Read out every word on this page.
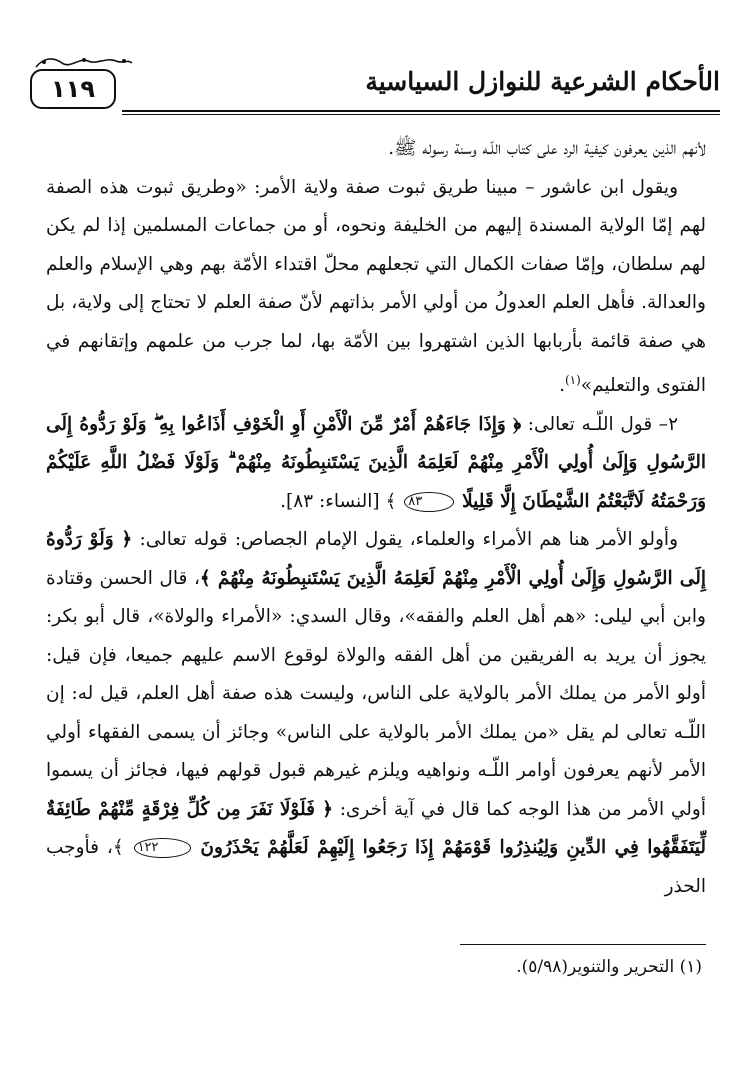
١١٩	الأحكام الشرعية للنوازل السياسية

لأنهم الذين يعرفون كيفية الرد على كتاب اللّـه وسنة رسوله ﷺ.

ويقول ابن عاشور – مبينا طريق ثبوت صفة ولاية الأمر: «وطريق ثبوت هذه الصفة لهم إمّا الولاية المسندة إليهم من الخليفة ونحوه، أو من جماعات المسلمين إذا لم يكن لهم سلطان، وإمّا صفات الكمال التي تجعلهم محلّ اقتداء الأمّة بهم وهي الإسلام والعلم والعدالة. فأهل العلم العدولُ من أولي الأمر بذاتهم لأنّ صفة العلم لا تحتاج إلى ولاية، بل هي صفة قائمة بأربابها الذين اشتهروا بين الأمّة بها، لما جرب من علمهم وإتقانهم في الفتوى والتعليم»$^{(١)}$.

٢– قول اللّـه تعالى: ﴿ وَإِذَا جَاءَهُمْ أَمْرٌ مِّنَ الْأَمْنِ أَوِ الْخَوْفِ أَذَاعُوا بِهِ ۖ وَلَوْ رَدُّوهُ إِلَى الرَّسُولِ وَإِلَىٰ أُولِي الْأَمْرِ مِنْهُمْ لَعَلِمَهُ الَّذِينَ يَسْتَنبِطُونَهُ مِنْهُمْ ۗ وَلَوْلَا فَضْلُ اللَّهِ عَلَيْكُمْ وَرَحْمَتُهُ لَاتَّبَعْتُمُ الشَّيْطَانَ إِلَّا قَلِيلًا ٨٣ ﴾ [النساء: ٨٣].

وأولو الأمر هنا هم الأمراء والعلماء، يقول الإمام الجصاص: قوله تعالى: ﴿ وَلَوْ رَدُّوهُ إِلَى الرَّسُولِ وَإِلَىٰ أُولِي الْأَمْرِ مِنْهُمْ لَعَلِمَهُ الَّذِينَ يَسْتَنبِطُونَهُ مِنْهُمْ ﴾، قال الحسن وقتادة وابن أبي ليلى: «هم أهل العلم والفقه»، وقال السدي: «الأمراء والولاة»، قال أبو بكر: يجوز أن يريد به الفريقين من أهل الفقه والولاة لوقوع الاسم عليهم جميعا، فإن قيل: أولو الأمر من يملك الأمر بالولاية على الناس، وليست هذه صفة أهل العلم، قيل له: إن اللّـه تعالى لم يقل «من يملك الأمر بالولاية على الناس» وجائز أن يسمى الفقهاء أولي الأمر لأنهم يعرفون أوامر اللّـه ونواهيه ويلزم غيرهم قبول قولهم فيها، فجائز أن يسموا أولي الأمر من هذا الوجه كما قال في آية أخرى: ﴿ فَلَوْلَا نَفَرَ مِن كُلِّ فِرْقَةٍ مِّنْهُمْ طَائِفَةٌ لِّيَتَفَقَّهُوا فِي الدِّينِ وَلِيُنذِرُوا قَوْمَهُمْ إِذَا رَجَعُوا إِلَيْهِمْ لَعَلَّهُمْ يَحْذَرُونَ ١٢٢ ﴾، فأوجب الحذر

(١) التحرير والتنوير(٥/٩٨).
